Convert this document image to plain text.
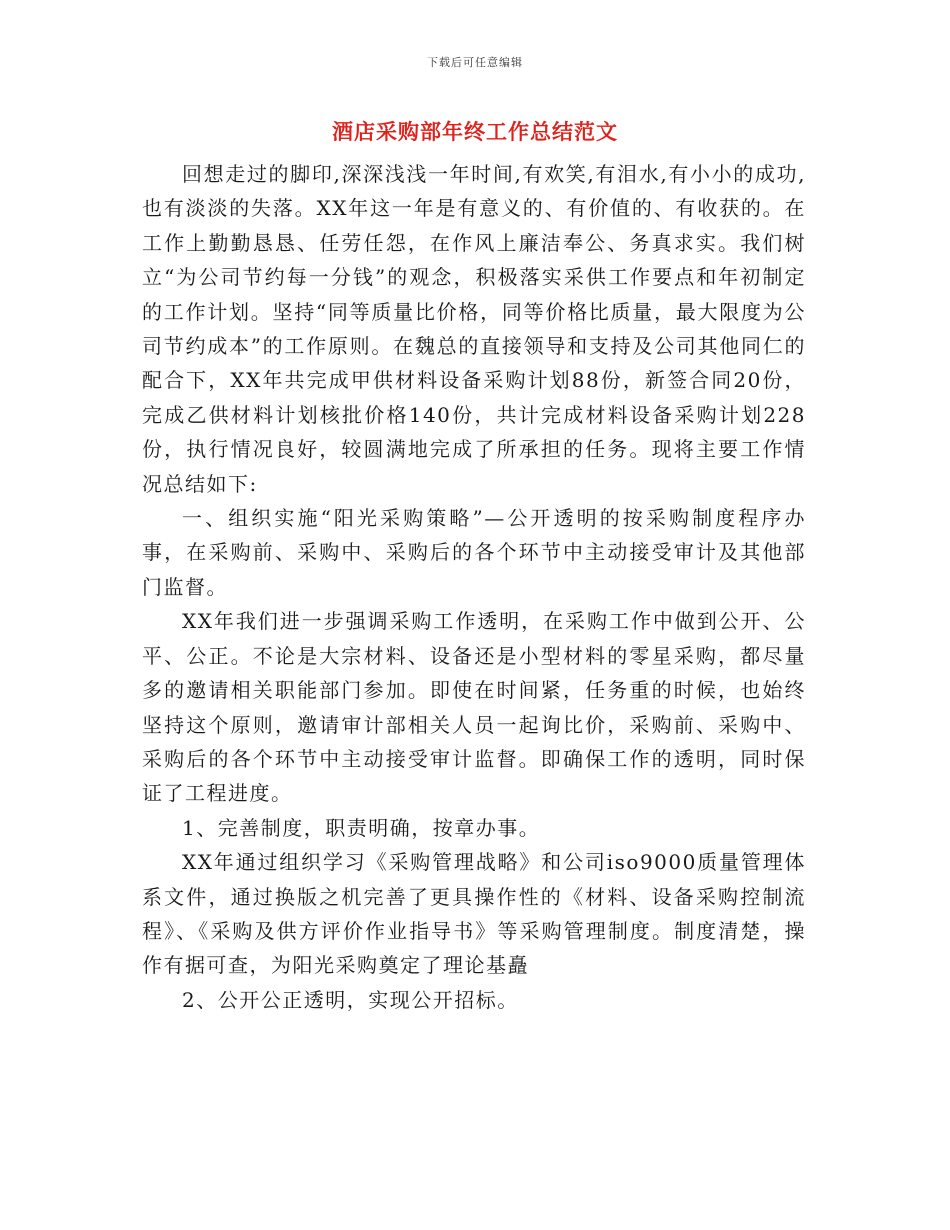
下载后可任意编辑
酒店采购部年终工作总结范文

回想走过的脚印,深深浅浅一年时间,有欢笑,有泪水,有小小的成功,也有淡淡的失落。XX年这一年是有意义的、有价值的、有收获的。在工作上勤勤恳恳、任劳任怨，在作风上廉洁奉公、务真求实。我们树立“为公司节约每一分钱”的观念，积极落实采供工作要点和年初制定的工作计划。坚持“同等质量比价格，同等价格比质量，最大限度为公司节约成本”的工作原则。在魏总的直接领导和支持及公司其他同仁的配合下，XX年共完成甲供材料设备采购计划88份，新签合同20份，完成乙供材料计划核批价格140份，共计完成材料设备采购计划228份，执行情况良好，较圆满地完成了所承担的任务。现将主要工作情况总结如下:

一、组织实施“阳光采购策略”—公开透明的按采购制度程序办事，在采购前、采购中、采购后的各个环节中主动接受审计及其他部门监督。

XX年我们进一步强调采购工作透明，在采购工作中做到公开、公平、公正。不论是大宗材料、设备还是小型材料的零星采购，都尽量多的邀请相关职能部门参加。即使在时间紧，任务重的时候，也始终坚持这个原则，邀请审计部相关人员一起询比价，采购前、采购中、采购后的各个环节中主动接受审计监督。即确保工作的透明，同时保证了工程进度。

1、完善制度，职责明确，按章办事。

XX年通过组织学习《采购管理战略》和公司iso9000质量管理体系文件，通过换版之机完善了更具操作性的《材料、设备采购控制流程》、《采购及供方评价作业指导书》等采购管理制度。制度清楚，操作有据可查，为阳光采购奠定了理论基矗

2、公开公正透明，实现公开招标。
